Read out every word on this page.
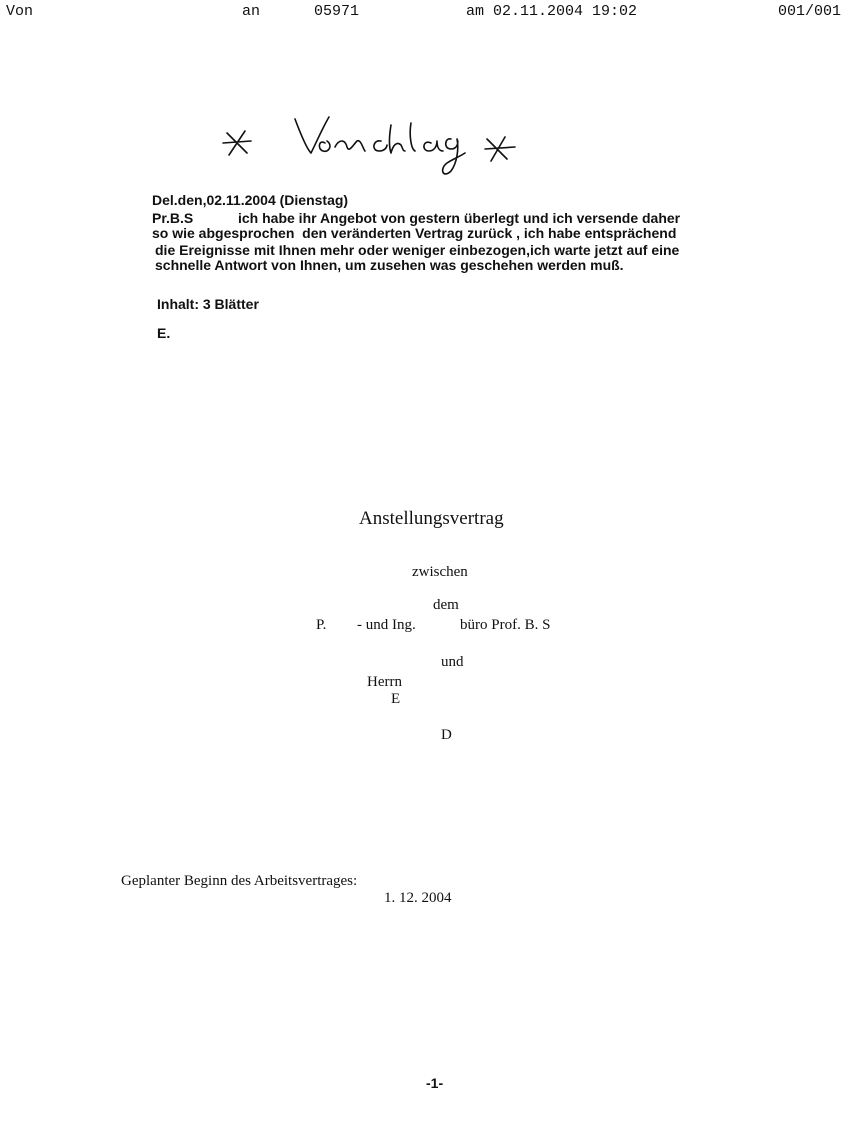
Von	an	05971	am 02.11.2004 19:02	001/001
Del.den,02.11.2004 (Dienstag)
Pr.B.S	ich habe ihr Angebot von gestern überlegt und ich versende daher
so wie abgesprochen  den veränderten Vertrag zurück , ich habe entsprächend
die Ereignisse mit Ihnen mehr oder weniger einbezogen,ich warte jetzt auf eine
schnelle Antwort von Ihnen, um zusehen was geschehen werden muß.
Inhalt: 3 Blätter
E.
Anstellungsvertrag
zwischen
dem
P. - und Ing.	büro Prof. B. S
und
Herrn
E
D
Geplanter Beginn des Arbeitsvertrages:
1. 12. 2004
-1-
